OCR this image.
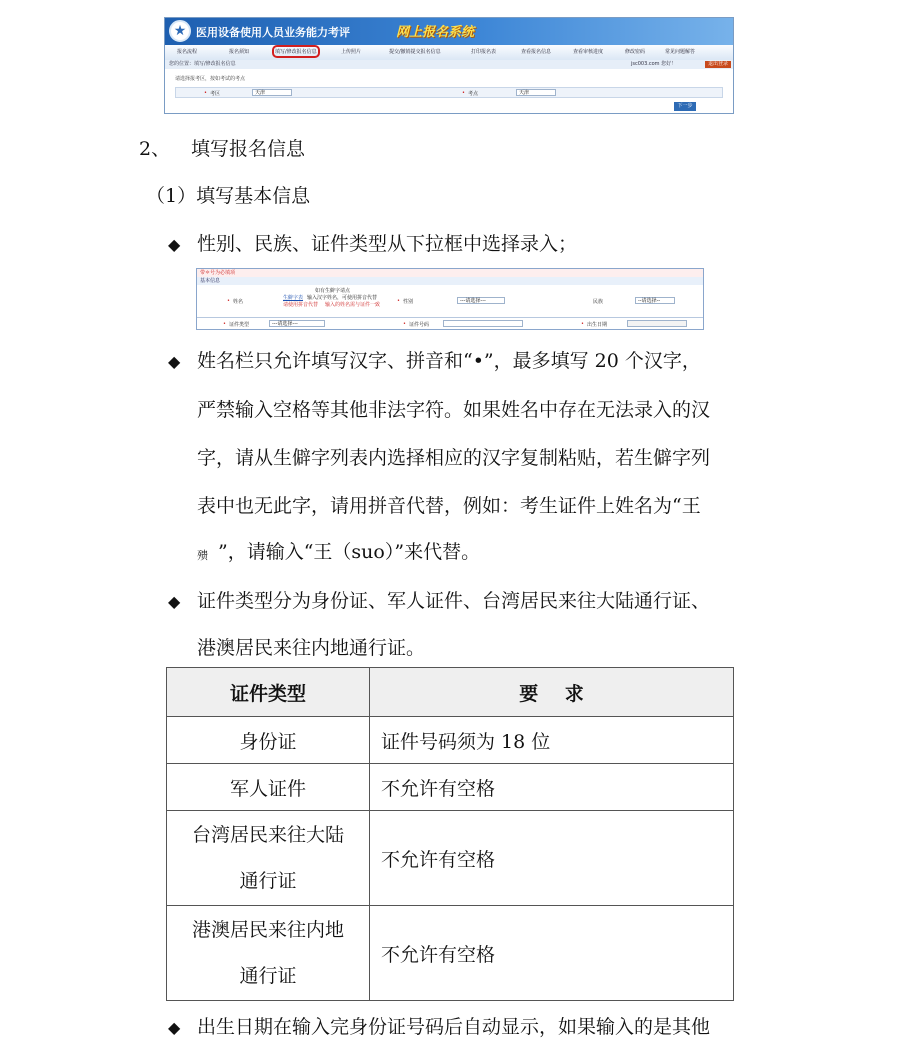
★ 医用设备使用人员业务能力考评	网上报名系统
报名流程	报名须知	填写/修改报名信息	上传照片	提交/撤销提交报名信息	打印报名表	查看报名信息	查看审核进度	修改密码	常见问题解答
您的位置：填写/修改报名信息	jsc003.com 您好！	退出登录
请选择报考区，按如考试的考点
• 考区	天津	• 考点	天津
下一步
2、 填写报名信息
（1）填写基本信息
◆ 性别、民族、证件类型从下拉框中选择录入；
带＊号为必填项
基本信息
• 姓名
如有生僻字请点
生僻字表 输入汉字姓名，可使用拼音代替
请使用拼音代替 输入的姓名需与证件一致
• 性别	---请选择---	民族	--请选择--
• 证件类型	---请选择---	• 证件号码	• 出生日期
◆ 姓名栏只允许填写汉字、拼音和“•”，最多填写 20 个汉字，
严禁输入空格等其他非法字符。如果姓名中存在无法录入的汉
字，请从生僻字列表内选择相应的汉字复制粘贴，若生僻字列
表中也无此字，请用拼音代替，例如：考生证件上姓名为“王
㱮 ”，请输入“王（suo）”来代替。
◆ 证件类型分为身份证、军人证件、台湾居民来往大陆通行证、
港澳居民来往内地通行证。
证件类型	要    求
身份证	证件号码须为 18 位
军人证件	不允许有空格

台湾居民来往大陆
通行证	不允许有空格

港澳居民来往内地
通行证	不允许有空格
◆ 出生日期在输入完身份证号码后自动显示，如果输入的是其他
